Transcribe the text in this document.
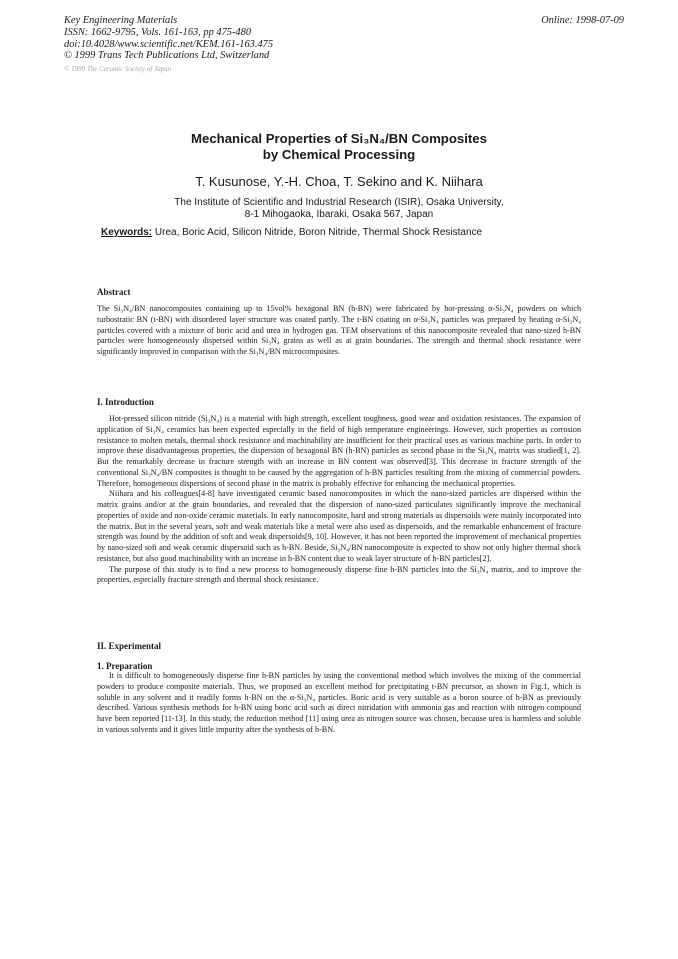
Key Engineering Materials
ISSN: 1662-9795, Vols. 161-163, pp 475-480
doi:10.4028/www.scientific.net/KEM.161-163.475
© 1999 Trans Tech Publications Ltd, Switzerland
Online: 1998-07-09
© 1999 The Ceramic Society of Japan
Mechanical Properties of Si₃N₄/BN Composites
by Chemical Processing
T. Kusunose, Y.-H. Choa, T. Sekino and K. Niihara
The Institute of Scientific and Industrial Research (ISIR), Osaka University,
8-1 Mihogaoka, Ibaraki, Osaka 567, Japan
Keywords: Urea, Boric Acid, Silicon Nitride, Boron Nitride, Thermal Shock Resistance
Abstract

The Si₃N₄/BN nanocomposites containing up to 15vol% hexagonal BN (h-BN) were fabricated by hot-pressing α-Si₃N₄ powders on which turbostratic BN (t-BN) with disordered layer structure was coated partly. The t-BN coating on α-Si₃N₄ particles was prepared by heating α-Si₃N₄ particles covered with a mixture of boric acid and urea in hydrogen gas. TEM observations of this nanocomposite revealed that nano-sized h-BN particles were homogeneously dispersed within Si₃N₄ grains as well as at grain boundaries. The strength and thermal shock resistance were significantly improved in comparison with the Si₃N₄/BN microcomposites.

I. Introduction

Hot-pressed silicon nitride (Si₃N₄) is a material with high strength, excellent toughness, good wear and oxidation resistances. The expansion of application of Si₃N₄ ceramics has been expected especially in the field of high temperature engineerings. However, such properties as corrosion resistance to molten metals, thermal shock resistance and machinability are insufficient for their practical uses as various machine parts. In order to improve these disadvantageous properties, the dispersion of hexagonal BN (h-BN) particles as second phase in the Si₃N₄ matrix was studied[1, 2]. But the remarkably decrease in fracture strength with an increase in BN content was observed[3]. This decrease in fracture strength of the conventional Si₃N₄/BN composites is thought to be caused by the aggregation of h-BN particles resulting from the mixing of commercial powders. Therefore, homogeneous dispersions of second phase in the matrix is probably effective for enhancing the mechanical properties.

Niihara and his colleagues[4-8] have investigated ceramic based nanocomposites in which the nano-sized particles are dispersed within the matrix grains and/or at the grain boundaries, and revealed that the dispersion of nano-sized particulates significantly improve the mechanical properties of oxide and non-oxide ceramic materials. In early nanocomposite, hard and strong materials as dispersoids were mainly incorporated into the matrix. But in the several years, soft and weak materials like a metal were also used as dispersoids, and the remarkable enhancement of fracture strength was found by the addition of soft and weak dispersoids[9, 10]. However, it has not been reported the improvement of mechanical properties by nano-sized soft and weak ceramic dispersoid such as h-BN. Beside, Si₃N₄/BN nanocomposite is expected to show not only higher thermal shock resistance, but also good machinability with an increase in h-BN content due to weak layer structure of h-BN particles[2].

The purpose of this study is to find a new process to homogeneously disperse fine h-BN particles into the Si₃N₄ matrix, and to improve the properties, especially fracture strength and thermal shock resistance.

II. Experimental
1. Preparation

It is difficult to homogeneously disperse fine h-BN particles by using the conventional method which involves the mixing of the commercial powders to produce composite materials. Thus, we proposed an excellent method for precipitating t-BN precursor, as shown in Fig.1, which is soluble in any solvent and it readily forms h-BN on the α-Si₃N₄ particles. Boric acid is very suitable as a boron source of h-BN as previously described. Various synthesis methods for h-BN using boric acid such as direct nitridation with ammonia gas and reaction with nitrogen compound have been reported [11-13]. In this study, the reduction method [11] using urea as nitrogen source was chosen, because urea is harmless and soluble in various solvents and it gives little impurity after the synthesis of h-BN.
